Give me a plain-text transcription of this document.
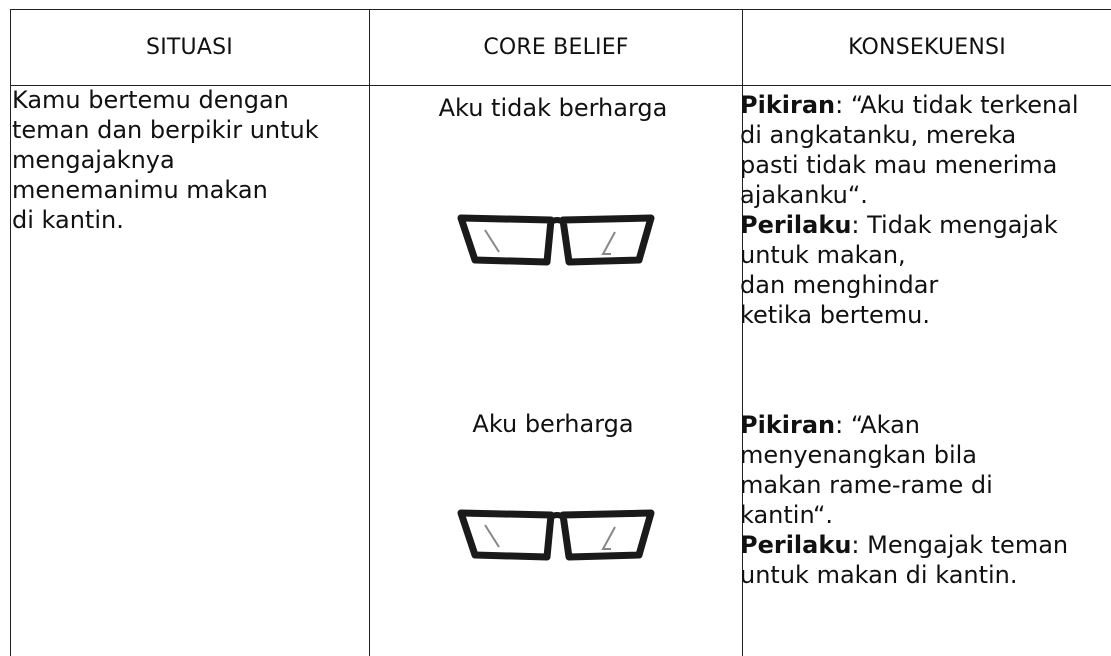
SITUASI	CORE BELIEF	KONSEKUENSI
Kamu bertemu dengan
teman dan berpikir untuk
mengajaknya
menemanimu makan
di kantin.
Aku tidak berharga
Aku berharga
Pikiran: “Aku tidak terkenal
di angkatanku, mereka
pasti tidak mau menerima
ajakanku“.
Perilaku: Tidak mengajak
untuk makan,
dan menghindar
ketika bertemu.
Pikiran: “Akan
menyenangkan bila
makan rame-rame di
kantin“.
Perilaku: Mengajak teman
untuk makan di kantin.
